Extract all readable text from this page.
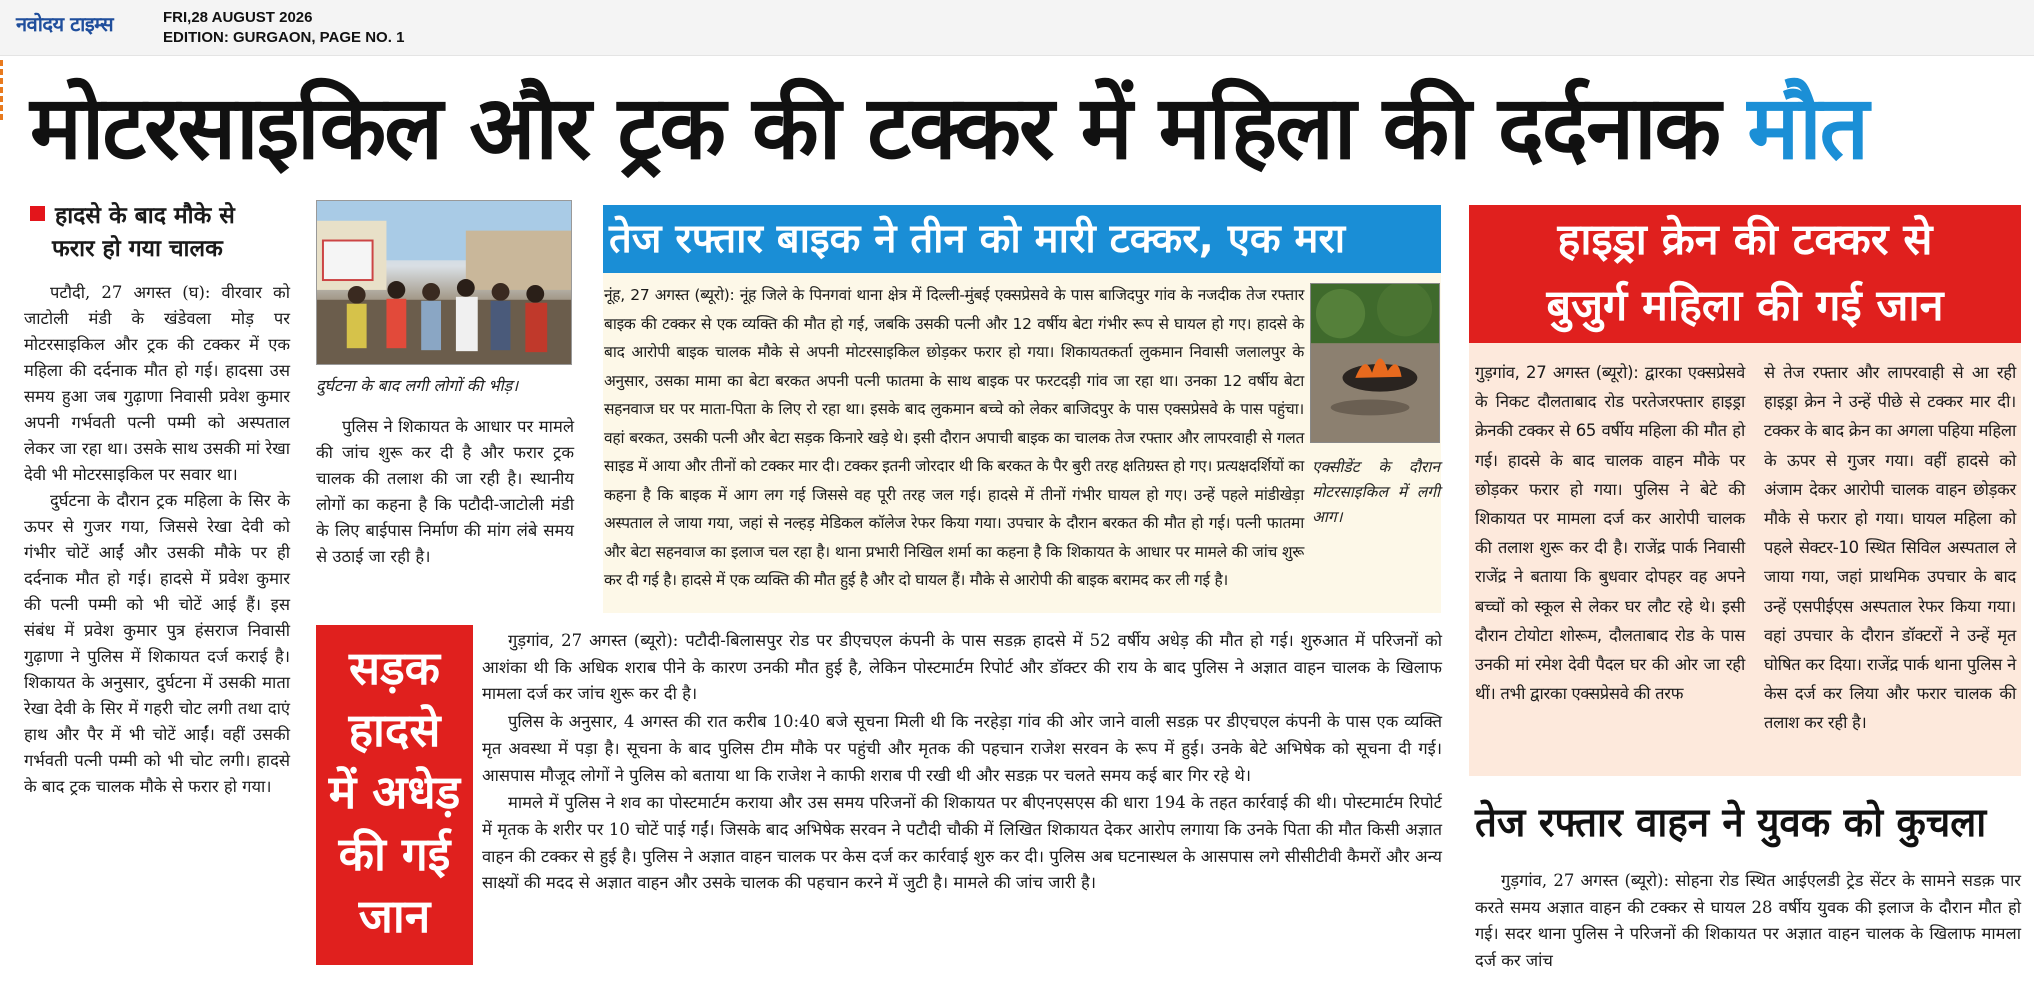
नवोदय टाइम्स	FRI,28 AUGUST 2026
EDITION: GURGAON, PAGE NO. 1
मोटरसाइकिल और ट्रक की टक्कर में महिला की दर्दनाक मौत
हादसे के बाद मौके से
फरार हो गया चालक

पटौदी, 27 अगस्त (घ): वीरवार को जाटोली मंडी के खंडेवला मोड़ पर मोटरसाइकिल और ट्रक की टक्कर में एक महिला की दर्दनाक मौत हो गई। हादसा उस समय हुआ जब गुढ़ाणा निवासी प्रवेश कुमार अपनी गर्भवती पत्नी पम्मी को अस्पताल लेकर जा रहा था। उसके साथ उसकी मां रेखा देवी भी मोटरसाइकिल पर सवार था।

दुर्घटना के दौरान ट्रक महिला के सिर के ऊपर से गुजर गया, जिससे रेखा देवी को गंभीर चोटें आईं और उसकी मौके पर ही दर्दनाक मौत हो गई। हादसे में प्रवेश कुमार की पत्नी पम्मी को भी चोटें आई हैं। इस संबंध में प्रवेश कुमार पुत्र हंसराज निवासी गुढ़ाणा ने पुलिस में शिकायत दर्ज कराई है। शिकायत के अनुसार, दुर्घटना में उसकी माता रेखा देवी के सिर में गहरी चोट लगी तथा दाएं हाथ और पैर में भी चोटें आईं। वहीं उसकी गर्भवती पत्नी पम्मी को भी चोट लगी। हादसे के बाद ट्रक चालक मौके से फरार हो गया।

दुर्घटना के बाद लगी लोगों की भीड़।

पुलिस ने शिकायत के आधार पर मामले की जांच शुरू कर दी है और फरार ट्रक चालक की तलाश की जा रही है। स्थानीय लोगों का कहना है कि पटौदी-जाटोली मंडी के लिए बाईपास निर्माण की मांग लंबे समय से उठाई जा रही है।

सड़क
हादसे
में अधेड़
की गई
जान
तेज रफ्तार बाइक ने तीन को मारी टक्कर, एक मरा
नूंह, 27 अगस्त (ब्यूरो): नूंह जिले के पिनगवां थाना क्षेत्र में दिल्ली-मुंबई एक्सप्रेसवे के पास बाजिदपुर गांव के नजदीक तेज रफ्तार बाइक की टक्कर से एक व्यक्ति की मौत हो गई, जबकि उसकी पत्नी और 12 वर्षीय बेटा गंभीर रूप से घायल हो गए। हादसे के बाद आरोपी बाइक चालक मौके से अपनी मोटरसाइकिल छोड़कर फरार हो गया। शिकायतकर्ता लुकमान निवासी जलालपुर के अनुसार, उसका मामा का बेटा बरकत अपनी पत्नी फातमा के साथ बाइक पर फरटदड़ी गांव जा रहा था। उनका 12 वर्षीय बेटा सहनवाज घर पर माता-पिता के लिए रो रहा था। इसके बाद लुकमान बच्चे को लेकर बाजिदपुर के पास एक्सप्रेसवे के पास पहुंचा। वहां बरकत, उसकी पत्नी और बेटा सड़क किनारे खड़े थे। इसी दौरान अपाची बाइक का चालक तेज रफ्तार और लापरवाही से गलत साइड में आया और तीनों को टक्कर मार दी। टक्कर इतनी जोरदार थी कि बरकत के पैर बुरी तरह क्षतिग्रस्त हो गए। प्रत्यक्षदर्शियों का कहना है कि बाइक में आग लग गई जिससे वह पूरी तरह जल गई। हादसे में तीनों गंभीर घायल हो गए। उन्हें पहले मांडीखेड़ा अस्पताल ले जाया गया, जहां से नल्हड़ मेडिकल कॉलेज रेफर किया गया। उपचार के दौरान बरकत की मौत हो गई। पत्नी फातमा और बेटा सहनवाज का इलाज चल रहा है। थाना प्रभारी निखिल शर्मा का कहना है कि शिकायत के आधार पर मामले की जांच शुरू कर दी गई है। हादसे में एक व्यक्ति की मौत हुई है और दो घायल हैं। मौके से आरोपी की बाइक बरामद कर ली गई है।
एक्सीडेंट के दौरान मोटरसाइकिल में लगी आग।

गुड़गांव, 27 अगस्त (ब्यूरो): पटौदी-बिलासपुर रोड पर डीएचएल कंपनी के पास सडक़ हादसे में 52 वर्षीय अधेड़ की मौत हो गई। शुरुआत में परिजनों को आशंका थी कि अधिक शराब पीने के कारण उनकी मौत हुई है, लेकिन पोस्टमार्टम रिपोर्ट और डॉक्टर की राय के बाद पुलिस ने अज्ञात वाहन चालक के खिलाफ मामला दर्ज कर जांच शुरू कर दी है।

पुलिस के अनुसार, 4 अगस्त की रात करीब 10:40 बजे सूचना मिली थी कि नरहेड़ा गांव की ओर जाने वाली सडक़ पर डीएचएल कंपनी के पास एक व्यक्ति मृत अवस्था में पड़ा है। सूचना के बाद पुलिस टीम मौके पर पहुंची और मृतक की पहचान राजेश सरवन के रूप में हुई। उनके बेटे अभिषेक को सूचना दी गई। आसपास मौजूद लोगों ने पुलिस को बताया था कि राजेश ने काफी शराब पी रखी थी और सडक़ पर चलते समय कई बार गिर रहे थे।

मामले में पुलिस ने शव का पोस्टमार्टम कराया और उस समय परिजनों की शिकायत पर बीएनएसएस की धारा 194 के तहत कार्रवाई की थी। पोस्टमार्टम रिपोर्ट में मृतक के शरीर पर 10 चोटें पाई गईं। जिसके बाद अभिषेक सरवन ने पटौदी चौकी में लिखित शिकायत देकर आरोप लगाया कि उनके पिता की मौत किसी अज्ञात वाहन की टक्कर से हुई है। पुलिस ने अज्ञात वाहन चालक पर केस दर्ज कर कार्रवाई शुरु कर दी। पुलिस अब घटनास्थल के आसपास लगे सीसीटीवी कैमरों और अन्य साक्ष्यों की मदद से अज्ञात वाहन और उसके चालक की पहचान करने में जुटी है। मामले की जांच जारी है।

हाइड्रा क्रेन की टक्कर से
बुजुर्ग महिला की गई जान
गुड़गांव, 27 अगस्त (ब्यूरो): द्वारका एक्सप्रेसवे के निकट दौलताबाद रोड परतेजरफ्तार हाइड्रा क्रेनकी टक्कर से 65 वर्षीय महिला की मौत हो गई। हादसे के बाद चालक वाहन मौके पर छोड़कर फरार हो गया। पुलिस ने बेटे की शिकायत पर मामला दर्ज कर आरोपी चालक की तलाश शुरू कर दी है। राजेंद्र पार्क निवासी राजेंद्र ने बताया कि बुधवार दोपहर वह अपने बच्चों को स्कूल से लेकर घर लौट रहे थे। इसी दौरान टोयोटा शोरूम, दौलताबाद रोड के पास उनकी मां रमेश देवी पैदल घर की ओर जा रही थीं। तभी द्वारका एक्सप्रेसवे की तरफ
से तेज रफ्तार और लापरवाही से आ रही हाइड्रा क्रेन ने उन्हें पीछे से टक्कर मार दी। टक्कर के बाद क्रेन का अगला पहिया महिला के ऊपर से गुजर गया। वहीं हादसे को अंजाम देकर आरोपी चालक वाहन छोड़कर मौके से फरार हो गया। घायल महिला को पहले सेक्टर-10 स्थित सिविल अस्पताल ले जाया गया, जहां प्राथमिक उपचार के बाद उन्हें एसपीईएस अस्पताल रेफर किया गया। वहां उपचार के दौरान डॉक्टरों ने उन्हें मृत घोषित कर दिया। राजेंद्र पार्क थाना पुलिस ने केस दर्ज कर लिया और फरार चालक की तलाश कर रही है।
तेज रफ्तार वाहन ने युवक को कुचला

गुड़गांव, 27 अगस्त (ब्यूरो): सोहना रोड स्थित आईएलडी ट्रेड सेंटर के सामने सडक़ पार करते समय अज्ञात वाहन की टक्कर से घायल 28 वर्षीय युवक की इलाज के दौरान मौत हो गई। सदर थाना पुलिस ने परिजनों की शिकायत पर अज्ञात वाहन चालक के खिलाफ मामला दर्ज कर जांच
